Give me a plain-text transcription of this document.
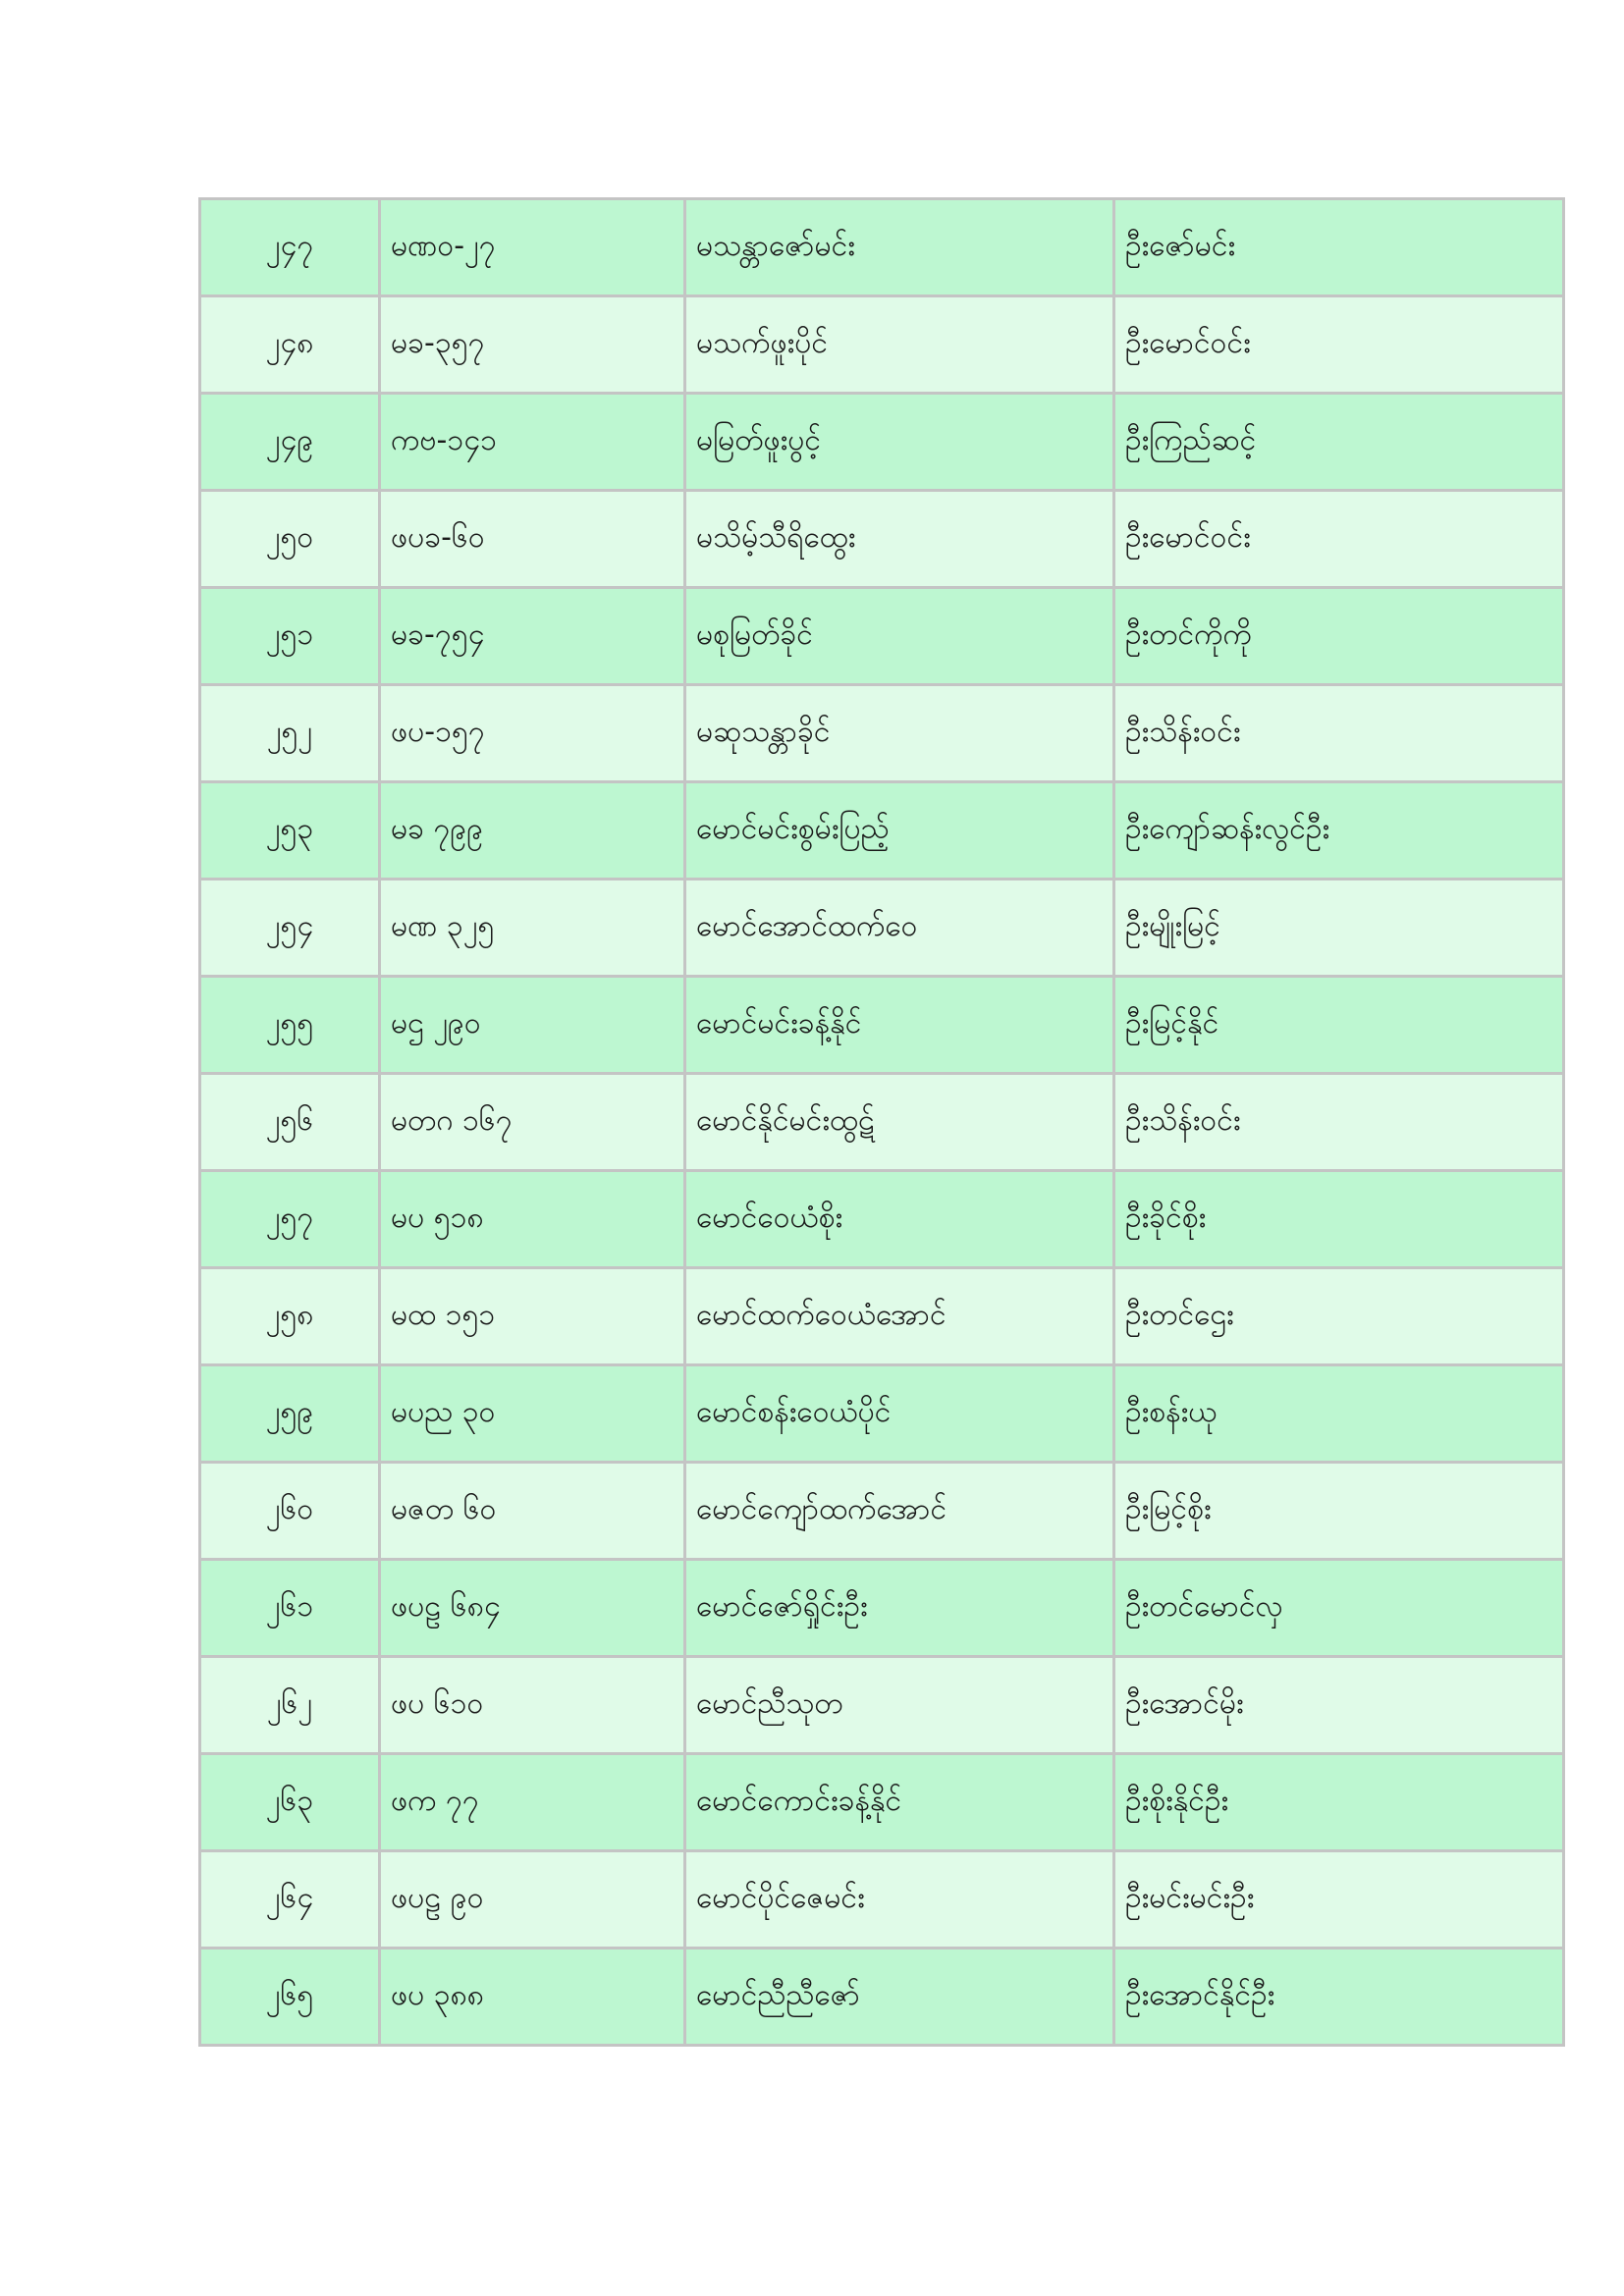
၂၄၇	မဏဝ-၂၇	မသန္တာဇော်မင်း	ဦးဇော်မင်း
၂၄၈	မခ-၃၅၇	မသက်ဖူးပိုင်	ဦးမောင်ဝင်း
၂၄၉	ကဗ-၁၄၁	မမြတ်ဖူးပွင့်	ဦးကြည်ဆင့်
၂၅၀	ဖပခ-၆၀	မသိမ့်သီရိထွေး	ဦးမောင်ဝင်း
၂၅၁	မခ-၇၅၄	မစုမြတ်ခိုင်	ဦးတင်ကိုကို
၂၅၂	ဖပ-၁၅၇	မဆုသန္တာခိုင်	ဦးသိန်းဝင်း
၂၅၃	မခ ၇၉၉	မောင်မင်းစွမ်းပြည့်	ဦးကျော်ဆန်းလွင်ဦး
၂၅၄	မဏ ၃၂၅	မောင်အောင်ထက်ဝေ	ဦးမျိုးမြင့်
၂၅၅	မဌ ၂၉၀	မောင်မင်းခန့်နိုင်	ဦးမြင့်နိုင်
၂၅၆	မတဂ ၁၆၇	မောင်နိုင်မင်းထွဋ်	ဦးသိန်းဝင်း
၂၅၇	မပ ၅၁၈	မောင်ဝေယံစိုး	ဦးခိုင်စိုး
၂၅၈	မထ ၁၅၁	မောင်ထက်ဝေယံအောင်	ဦးတင်ဌေး
၂၅၉	မပည ၃၀	မောင်စန်းဝေယံပိုင်	ဦးစန်းယု
၂၆၀	မဇတ ၆၀	မောင်ကျော်ထက်အောင်	ဦးမြင့်စိုး
၂၆၁	ဖပဠ ၆၈၄	မောင်ဇော်ရှိုင်းဦး	ဦးတင်မောင်လှ
၂၆၂	ဖပ ၆၁၀	မောင်ညီသုတ	ဦးအောင်မိုး
၂၆၃	ဖက ၇၇	မောင်ကောင်းခန့်နိုင်	ဦးစိုးနိုင်ဦး
၂၆၄	ဖပဠ ၉၀	မောင်ပိုင်ဇေမင်း	ဦးမင်းမင်းဦး
၂၆၅	ဖပ ၃၈၈	မောင်ညီညီဇော်	ဦးအောင်နိုင်ဦး
